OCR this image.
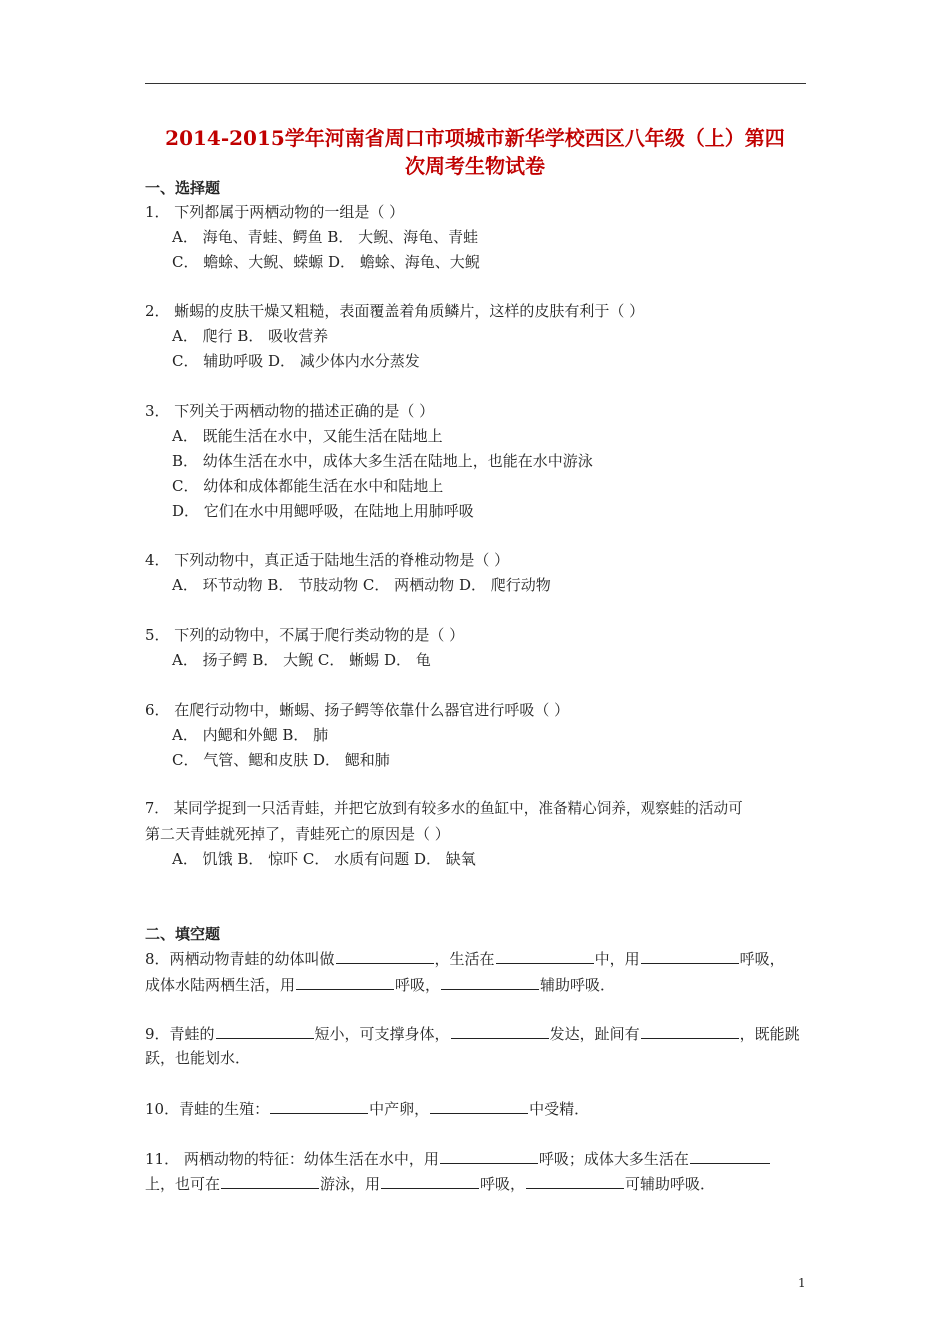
2014-2015学年河南省周口市项城市新华学校西区八年级（上）第四
次周考生物试卷
一、选择题
1． 下列都属于两栖动物的一组是（ ）
A． 海龟、青蛙、鳄鱼 B． 大鲵、海龟、青蛙
C． 蟾蜍、大鲵、蝾螈 D． 蟾蜍、海龟、大鲵
2． 蜥蜴的皮肤干燥又粗糙，表面覆盖着角质鳞片，这样的皮肤有利于（ ）
A． 爬行 B． 吸收营养
C． 辅助呼吸 D． 减少体内水分蒸发
3． 下列关于两栖动物的描述正确的是（ ）
A． 既能生活在水中，又能生活在陆地上
B． 幼体生活在水中，成体大多生活在陆地上，也能在水中游泳
C． 幼体和成体都能生活在水中和陆地上
D． 它们在水中用鳃呼吸，在陆地上用肺呼吸
4． 下列动物中，真正适于陆地生活的脊椎动物是（ ）
A． 环节动物 B． 节肢动物 C． 两栖动物 D． 爬行动物
5． 下列的动物中，不属于爬行类动物的是（ ）
A． 扬子鳄 B． 大鲵 C． 蜥蜴 D． 龟
6． 在爬行动物中，蜥蜴、扬子鳄等依靠什么器官进行呼吸（ ）
A． 内鳃和外鳃 B． 肺
C． 气管、鳃和皮肤 D． 鳃和肺
7． 某同学捉到一只活青蛙，并把它放到有较多水的鱼缸中，准备精心饲养，观察蛙的活动可
第二天青蛙就死掉了，青蛙死亡的原因是（ ）
A． 饥饿 B． 惊吓 C． 水质有问题 D． 缺氧
二、填空题
8．两栖动物青蛙的幼体叫做	，生活在	中，用	呼吸，
成体水陆两栖生活，用	呼吸，	辅助呼吸．
9．青蛙的	短小，可支撑身体，	发达，趾间有	，既能跳
跃，也能划水．
10．青蛙的生殖：	中产卵，	中受精．
11． 两栖动物的特征：幼体生活在水中，用	呼吸；成体大多生活在
上，也可在	游泳，用	呼吸，	可辅助呼吸．
1
